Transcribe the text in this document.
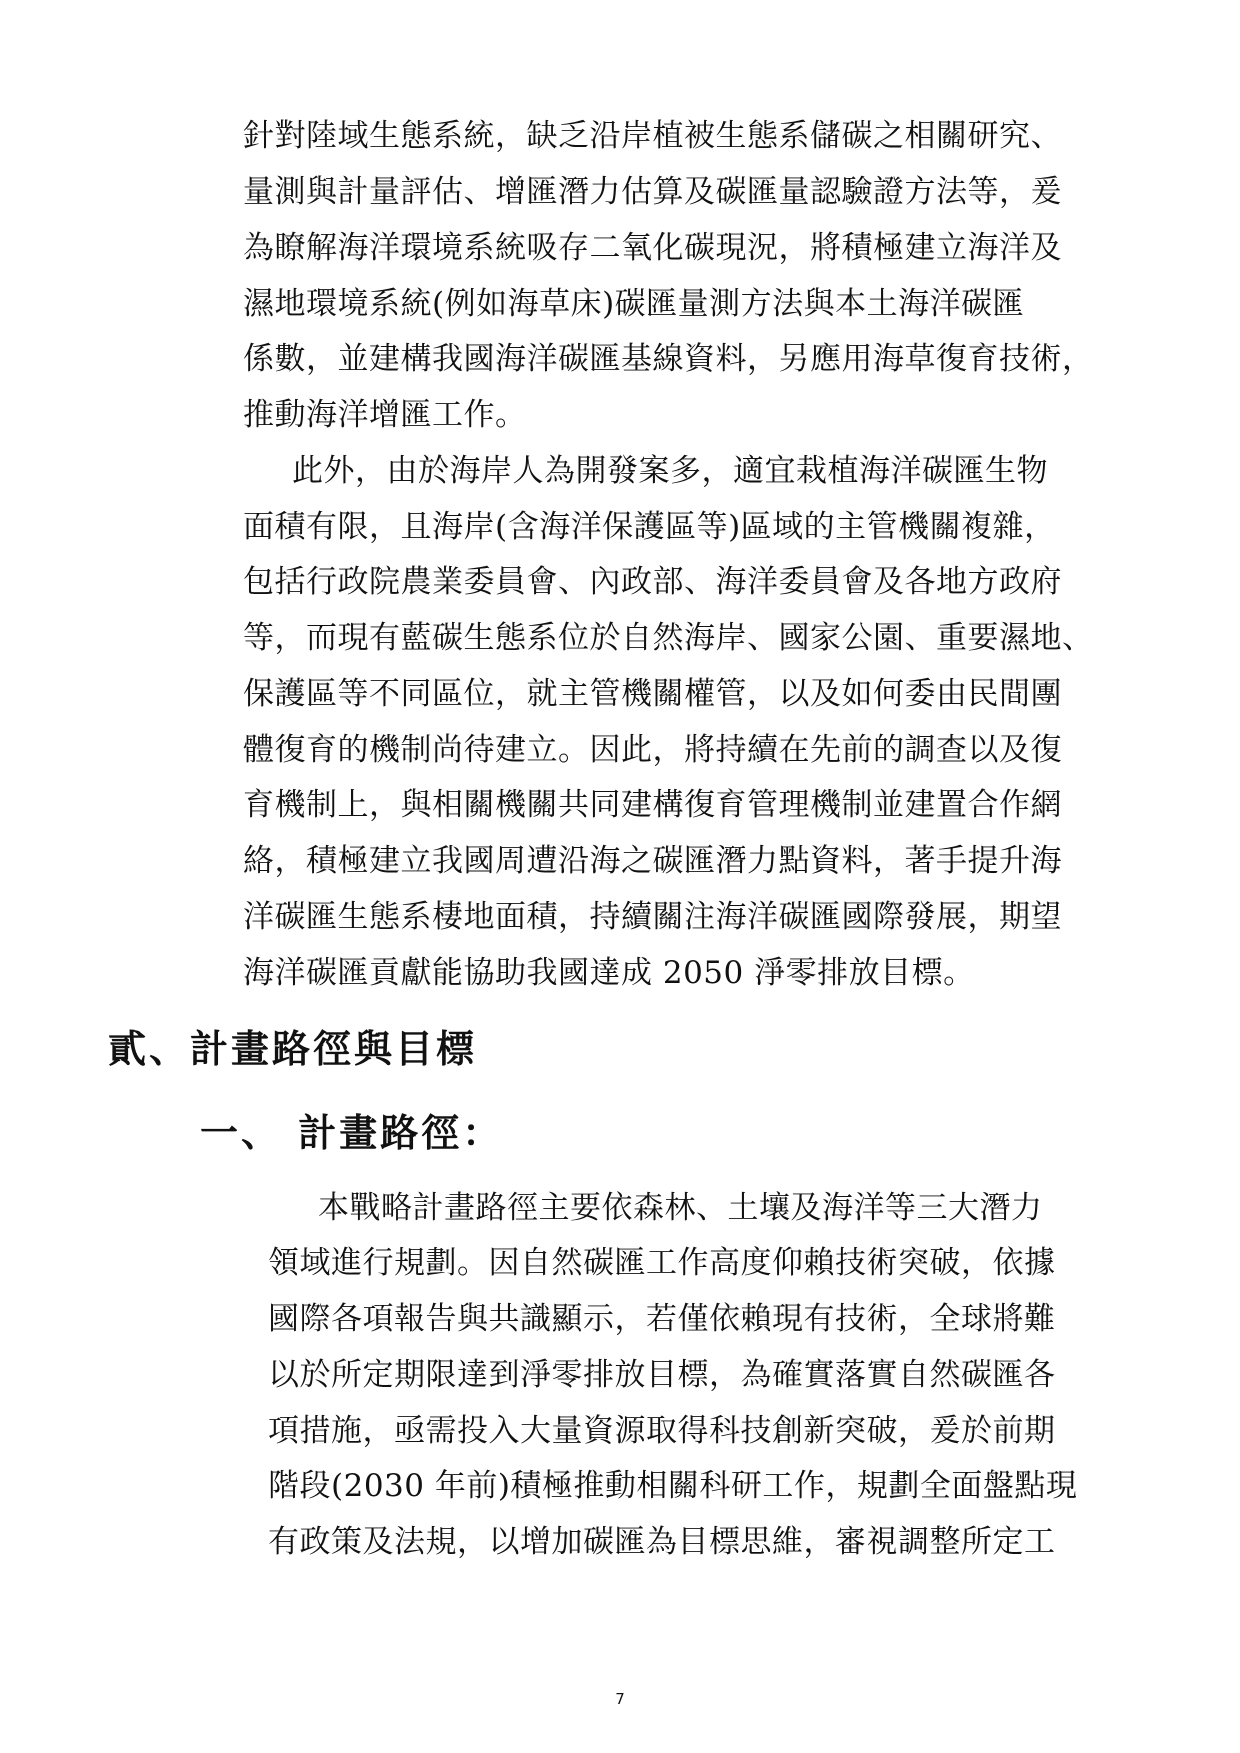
針對陸域生態系統，缺乏沿岸植被生態系儲碳之相關研究、
量測與計量評估、增匯潛力估算及碳匯量認驗證方法等，爰
為瞭解海洋環境系統吸存二氧化碳現況，將積極建立海洋及
濕地環境系統(例如海草床)碳匯量測方法與本土海洋碳匯
係數，並建構我國海洋碳匯基線資料，另應用海草復育技術，
推動海洋增匯工作。
此外，由於海岸人為開發案多，適宜栽植海洋碳匯生物
面積有限，且海岸(含海洋保護區等)區域的主管機關複雜，
包括行政院農業委員會、內政部、海洋委員會及各地方政府
等，而現有藍碳生態系位於自然海岸、國家公園、重要濕地、
保護區等不同區位，就主管機關權管，以及如何委由民間團
體復育的機制尚待建立。因此，將持續在先前的調查以及復
育機制上，與相關機關共同建構復育管理機制並建置合作網
絡，積極建立我國周遭沿海之碳匯潛力點資料，著手提升海
洋碳匯生態系棲地面積，持續關注海洋碳匯國際發展，期望
海洋碳匯貢獻能協助我國達成 2050 淨零排放目標。
貳、計畫路徑與目標
一、 計畫路徑：
本戰略計畫路徑主要依森林、土壤及海洋等三大潛力
領域進行規劃。因自然碳匯工作高度仰賴技術突破，依據
國際各項報告與共識顯示，若僅依賴現有技術，全球將難
以於所定期限達到淨零排放目標，為確實落實自然碳匯各
項措施，亟需投入大量資源取得科技創新突破，爰於前期
階段(2030 年前)積極推動相關科研工作，規劃全面盤點現
有政策及法規，以增加碳匯為目標思維，審視調整所定工
7
